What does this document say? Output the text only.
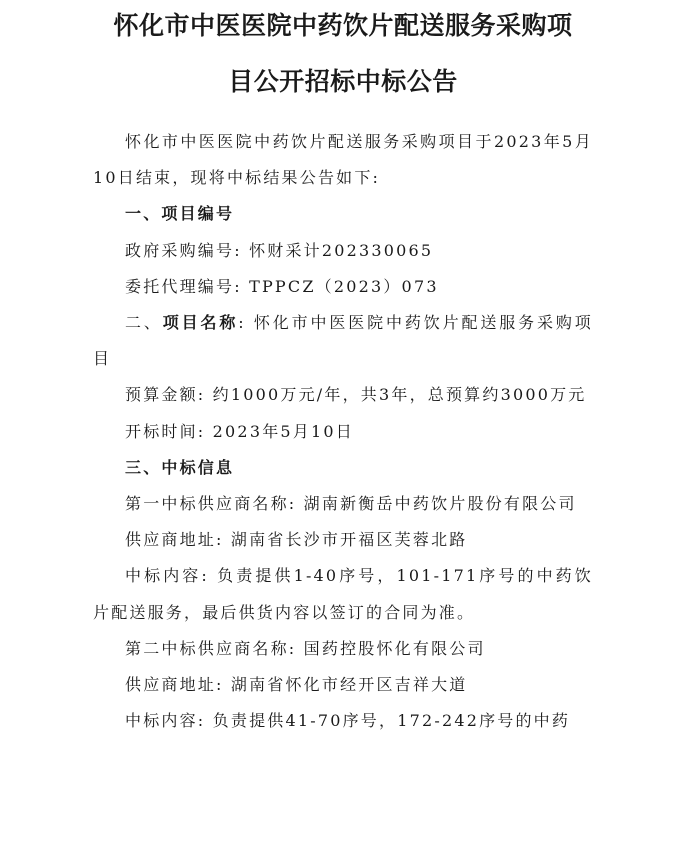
怀化市中医医院中药饮片配送服务采购项
目公开招标中标公告

怀化市中医医院中药饮片配送服务采购项目于2023年5月10日结束，现将中标结果公告如下:

一、项目编号

政府采购编号: 怀财采计202330065

委托代理编号: TPPCZ（2023）073

二、项目名称: 怀化市中医医院中药饮片配送服务采购项目

预算金额: 约1000万元/年，共3年，总预算约3000万元

开标时间: 2023年5月10日

三、中标信息

第一中标供应商名称: 湖南新衡岳中药饮片股份有限公司

供应商地址: 湖南省长沙市开福区芙蓉北路

中标内容: 负责提供1-40序号，101-171序号的中药饮片配送服务，最后供货内容以签订的合同为准。

第二中标供应商名称: 国药控股怀化有限公司

供应商地址: 湖南省怀化市经开区吉祥大道

中标内容: 负责提供41-70序号，172-242序号的中药
